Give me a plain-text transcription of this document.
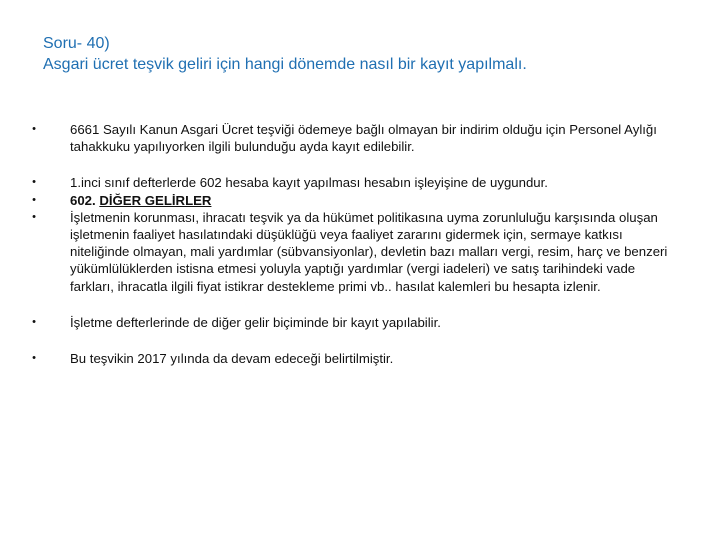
Soru- 40)
Asgari ücret teşvik geliri için hangi dönemde nasıl bir kayıt yapılmalı.
•	6661 Sayılı Kanun Asgari Ücret teşviği ödemeye bağlı olmayan bir indirim olduğu için Personel Aylığı tahakkuku yapılıyorken ilgili bulunduğu ayda kayıt edilebilir.
•	1.inci sınıf defterlerde 602 hesaba kayıt yapılması hesabın işleyişine de uygundur.
•	602. DİĞER GELİRLER
•	İşletmenin korunması, ihracatı teşvik ya da hükümet politikasına uyma zorunluluğu karşısında oluşan işletmenin faaliyet hasılatındaki düşüklüğü veya faaliyet zararını gidermek için, sermaye katkısı niteliğinde olmayan, mali yardımlar (sübvansiyonlar), devletin bazı malları vergi, resim, harç ve benzeri yükümlülüklerden istisna etmesi yoluyla yaptığı yardımlar (vergi iadeleri) ve satış tarihindeki vade farkları, ihracatla ilgili fiyat istikrar destekleme primi vb.. hasılat kalemleri bu hesapta izlenir.
•	İşletme defterlerinde de diğer gelir biçiminde bir kayıt yapılabilir.
•	Bu teşvikin 2017 yılında da devam edeceği belirtilmiştir.
